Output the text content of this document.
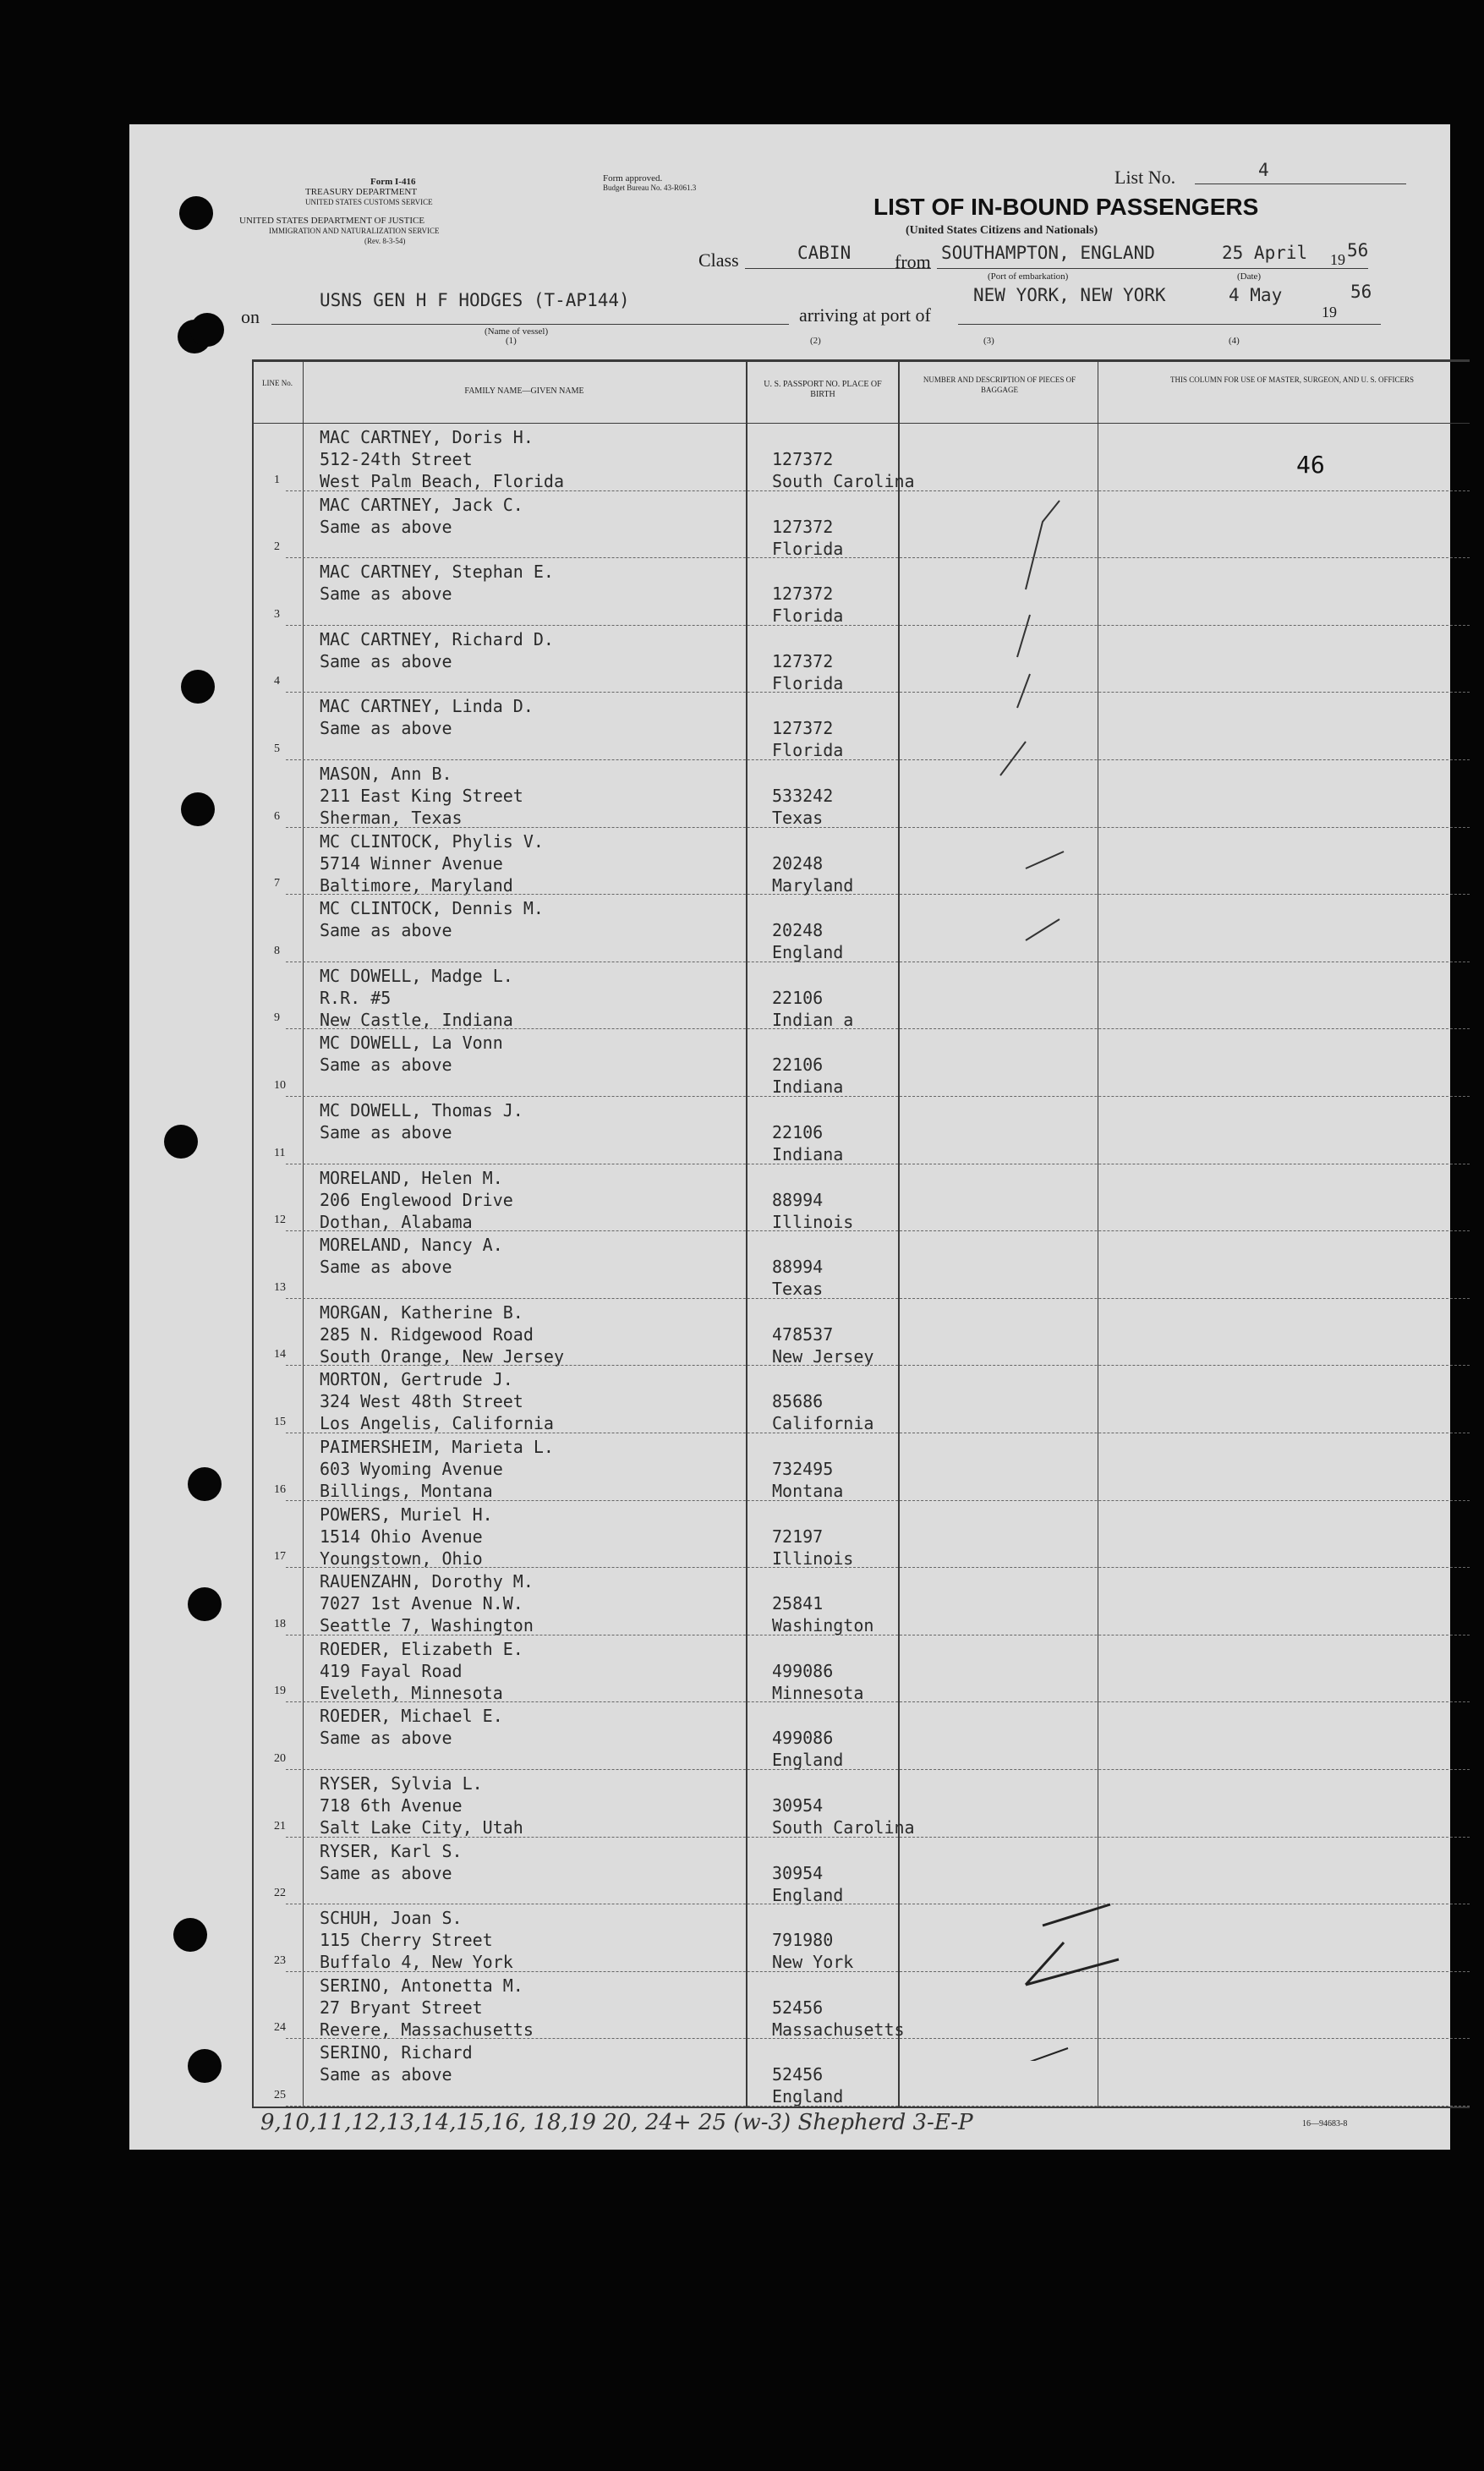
Form I-416
TREASURY DEPARTMENT
UNITED STATES CUSTOMS SERVICE
UNITED STATES DEPARTMENT OF JUSTICE
IMMIGRATION AND NATURALIZATION SERVICE
(Rev. 8-3-54)
Form approved.
Budget Bureau No. 43-R061.3	List No.	4
LIST OF IN-BOUND PASSENGERS
(United States Citizens and Nationals)
Class	CABIN from SOUTHAMPTON, ENGLAND	25 April 19 56
(Port of embarkation)	(Date)
on
USNS GEN H F HODGES (T-AP144)
(Name of vessel)
arriving at port of
NEW YORK, NEW YORK	4 May
19
56
(2)	(3)	(4)
(1)
LINE No.
FAMILY NAME—GIVEN NAME
U. S. PASSPORT NO. PLACE OF BIRTH
NUMBER AND DESCRIPTION OF PIECES OF BAGGAGE
THIS COLUMN FOR USE OF MASTER, SURGEON, AND U. S. OFFICERS
46
1
MAC CARTNEY, Doris H.
512-24th Street
West Palm Beach, Florida
127372
South Carolina
2
MAC CARTNEY, Jack C.
Same as above	127372
Florida
3
MAC CARTNEY, Stephan E.
Same as above	127372
Florida
4
MAC CARTNEY, Richard D.
Same as above	127372
Florida
5
MAC CARTNEY, Linda D.
Same as above	127372
Florida
6
MASON, Ann B.
211 East King Street
Sherman, Texas
533242
Texas
7
MC CLINTOCK, Phylis V.
5714 Winner Avenue
Baltimore, Maryland
20248
Maryland
8
MC CLINTOCK, Dennis M.
Same as above	20248
England
9
MC DOWELL, Madge L.
R.R. #5
New Castle, Indiana
22106
Indian a
10
MC DOWELL, La Vonn
Same as above	22106
Indiana
11
MC DOWELL, Thomas J.
Same as above	22106
Indiana
12
MORELAND, Helen M.
206 Englewood Drive
Dothan, Alabama
88994
Illinois
13
MORELAND, Nancy A.
Same as above	88994
Texas
14
MORGAN, Katherine B.
285 N. Ridgewood Road
South Orange, New Jersey
478537
New Jersey
15
MORTON, Gertrude J.
324 West 48th Street
Los Angelis, California
85686
California
16
PAIMERSHEIM, Marieta L.
603 Wyoming Avenue
Billings, Montana
732495
Montana
17
POWERS, Muriel H.
1514 Ohio Avenue
Youngstown, Ohio
72197
Illinois
18
RAUENZAHN, Dorothy M.
7027 1st Avenue N.W.
Seattle 7, Washington
25841
Washington
19
ROEDER, Elizabeth E.
419 Fayal Road
Eveleth, Minnesota
499086
Minnesota
20
ROEDER, Michael E.
Same as above	499086
England
21
RYSER, Sylvia L.
718 6th Avenue
Salt Lake City, Utah
30954
South Carolina
22
RYSER, Karl S.
Same as above	30954
England
23
SCHUH, Joan S.
115 Cherry Street
Buffalo 4, New York
791980
New York
24
SERINO, Antonetta M.
27 Bryant Street
Revere, Massachusetts
52456
Massachusetts
25
SERINO, Richard
Same as above	52456
England
9,10,11,12,13,14,15,16, 18,19 20, 24+ 25 (w-3) Shepherd 3-E-P	16—94683-8
